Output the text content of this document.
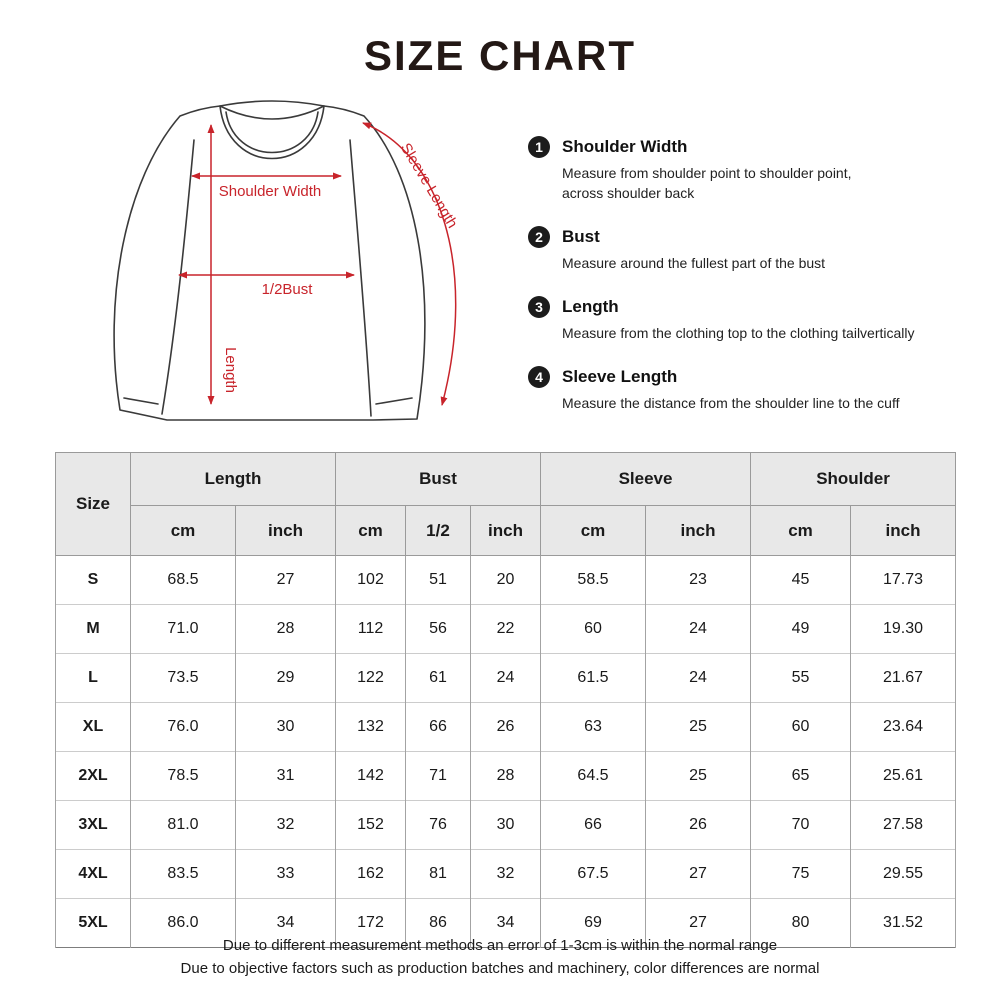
SIZE CHART
Shoulder Width
1/2Bust
Length
Sleeve Length	1	Shoulder Width
Measure from shoulder point to shoulder point,
across shoulder back
2	Bust
Measure around the fullest part of the bust
3	Length
Measure from the clothing top to the clothing tailvertically
4	Sleeve Length
Measure the distance from the shoulder line to the cuff
Size	Length		Bust			Sleeve		Shoulder	
	cm	inch	cm	1/2	inch	cm	inch	cm	inch
S	68.5	27	102	51	20	58.5	23	45	17.73
M	71.0	28	112	56	22	60	24	49	19.30
L	73.5	29	122	61	24	61.5	24	55	21.67
XL	76.0	30	132	66	26	63	25	60	23.64
2XL	78.5	31	142	71	28	64.5	25	65	25.61
3XL	81.0	32	152	76	30	66	26	70	27.58
4XL	83.5	33	162	81	32	67.5	27	75	29.55
5XL	86.0	34	172	86	34	69	27	80	31.52
Due to different measurement methods an error of 1-3cm is within the normal range
Due to objective factors such as production batches and machinery, color differences are normal
